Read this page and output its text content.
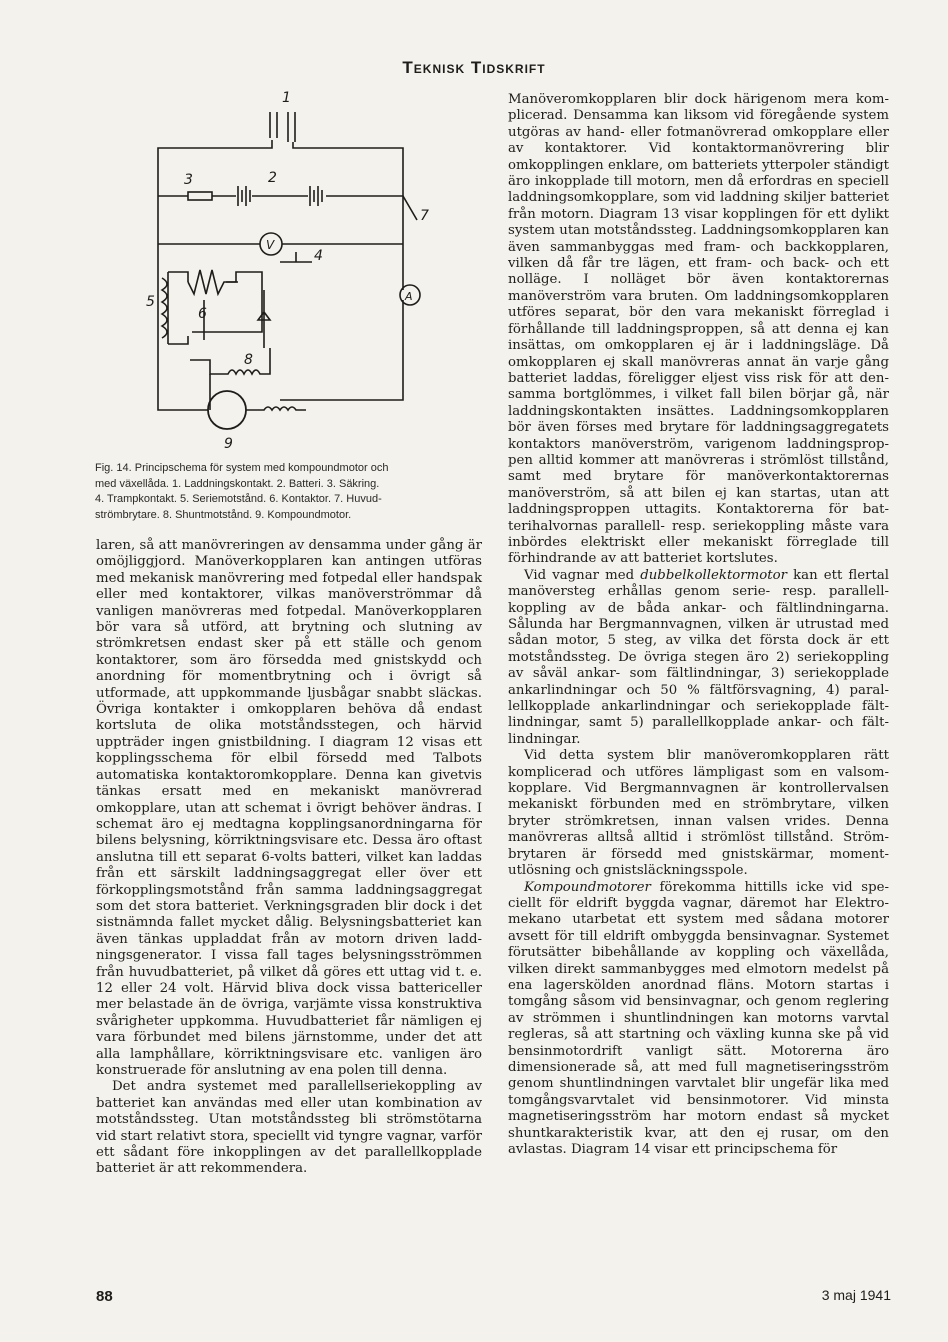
Teknisk Tidskrift
1
2
3
4
5
6
7
8
9
V
A
Fig. 14. Principschema för system med kompoundmotor och
med växellåda. 1. Laddningskontakt. 2. Batteri. 3. Säkring.
4. Trampkontakt. 5. Seriemotstånd. 6. Kontaktor. 7. Huvud-
strömbrytare. 8. Shuntmotstånd. 9. Kompoundmotor.

laren, så att manövreringen av densamma under gång är omöjliggjord. Manöverkopplaren kan antingen utföras med mekanisk manövrering med fotpedal eller handspak eller med kontaktorer, vilkas manöverströmmar då vanligen manövreras med fotpedal. Manöverkopplaren bör vara så utförd, att brytning och slutning av strömkretsen endast sker på ett ställe och genom kontaktorer, som äro försedda med gnistskydd och anordning för momentbrytning och i övrigt så utformade, att uppkommande ljusbågar snabbt släckas. Övriga kontakter i omkopplaren behöva då endast kortsluta de olika motståndsstegen, och härvid uppträder ingen gnistbildning. I diagram 12 visas ett kopplingsschema för elbil försedd med Talbots automatiska kontaktoromkopplare. Denna kan givetvis tänkas ersatt med en mekaniskt manövrerad omkopplare, utan att schemat i övrigt behöver ändras. I schemat äro ej medtagna kopplingsanordningarna för bilens belysning, körriktningsvisare etc. Dessa äro oftast anslutna till ett separat 6-volts batteri, vilket kan laddas från ett särskilt laddningsaggregat eller över ett förkopplingsmotstånd från samma laddningsaggregat som det stora batteriet. Verkningsgraden blir dock i det sistnämnda fallet mycket dålig. Belysningsbatteriet kan även tänkas uppladdat från av motorn driven laddningsgenerator. I vissa fall tages belysningsströmmen från huvudbatteriet, på vilket då göres ett uttag vid t. e. 12 eller 24 volt. Härvid bliva dock vissa battericeller mer belastade än de övriga, varjämte vissa konstruktiva svårigheter uppkomma. Huvudbatteriet får nämligen ej vara förbundet med bilens järnstomme, under det att alla lamphållare, körriktningsvisare etc. vanligen äro konstruerade för anslutning av ena polen till denna.

Det andra systemet med parallellseriekoppling av batteriet kan användas med eller utan kombination av motståndssteg. Utan motståndssteg bli strömstötarna vid start relativt stora, speciellt vid tyngre vagnar, varför ett sådant före inkopplingen av det parallellkopplade batteriet är att rekommendera.

Manöveromkopplaren blir dock härigenom mera komplicerad. Densamma kan liksom vid föregående system utgöras av hand- eller fotmanövrerad omkopplare eller av kontaktorer. Vid kontaktormanövrering blir omkopplingen enklare, om batteriets ytterpoler ständigt äro inkopplade till motorn, men då erfordras en speciell laddningsomkopplare, som vid laddning skiljer batteriet från motorn. Diagram 13 visar kopplingen för ett dylikt system utan motståndssteg. Laddningsomkopplaren kan även sammanbyggas med fram- och backkopplaren, vilken då får tre lägen, ett fram- och back- och ett nolläge. I nolläget bör även kontaktorernas manöverström vara bruten. Om laddningsomkopplaren utföres separat, bör den vara mekaniskt förreglad i förhållande till laddningsproppen, så att denna ej kan insättas, om omkopplaren ej är i laddningsläge. Då omkopplaren ej skall manövreras annat än varje gång batteriet laddas, föreligger eljest viss risk för att densamma bortglömmes, i vilket fall bilen börjar gå, när laddningskontakten insättes. Laddningsomkopplaren bör även förses med brytare för laddningsaggregatets kontaktors manöverström, varigenom laddningsproppen alltid kommer att manövreras i strömlöst tillstånd, samt med brytare för manöverkontaktorernas manöverström, så att bilen ej kan startas, utan att laddningsproppen uttagits. Kontaktorerna för batterihalvornas parallell- resp. seriekoppling måste vara inbördes elektriskt eller mekaniskt förreglade till förhindrande av att batteriet kortslutes.

Vid vagnar med dubbelkollektormotor kan ett flertal manöversteg erhållas genom serie- resp. parallellkoppling av de båda ankar- och fältlindningarna. Sålunda har Bergmannvagnen, vilken är utrustad med sådan motor, 5 steg, av vilka det första dock är ett motståndssteg. De övriga stegen äro 2) seriekoppling av såväl ankar- som fältlindningar, 3) seriekopplade ankarlindningar och 50 % fältförsvagning, 4) parallellkopplade ankarlindningar och seriekopplade fältlindningar, samt 5) parallellkopplade ankar- och fältlindningar.

Vid detta system blir manöveromkopplaren rätt komplicerad och utföres lämpligast som en valsomkopplare. Vid Bergmannvagnen är kontrollervalsen mekaniskt förbunden med en strömbrytare, vilken bryter strömkretsen, innan valsen vrides. Denna manövreras alltså alltid i strömlöst tillstånd. Strömbrytaren är försedd med gnistskärmar, momentutlösning och gnistsläckningsspole.

Kompoundmotorer förekomma hittills icke vid speciellt för eldrift byggda vagnar, däremot har Elektromekano utarbetat ett system med sådana motorer avsett för till eldrift ombyggda bensinvagnar. Systemet förutsätter bibehållande av koppling och växellåda, vilken direkt sammanbygges med elmotorn medelst på ena lagerskölden anordnad fläns. Motorn startas i tomgång såsom vid bensinvagnar, och genom reglering av strömmen i shuntlindningen kan motorns varvtal regleras, så att startning och växling kunna ske på vid bensinmotordrift vanligt sätt. Motorerna äro dimensionerade så, att med full magnetiseringsström genom shuntlindningen varvtalet blir ungefär lika med tomgångsvarvtalet vid bensinmotorer. Vid minsta magnetiseringsström har motorn endast så mycket shuntkarakteristik kvar, att den ej rusar, om den avlastas. Diagram 14 visar ett principschema för

88	3 maj 1941
